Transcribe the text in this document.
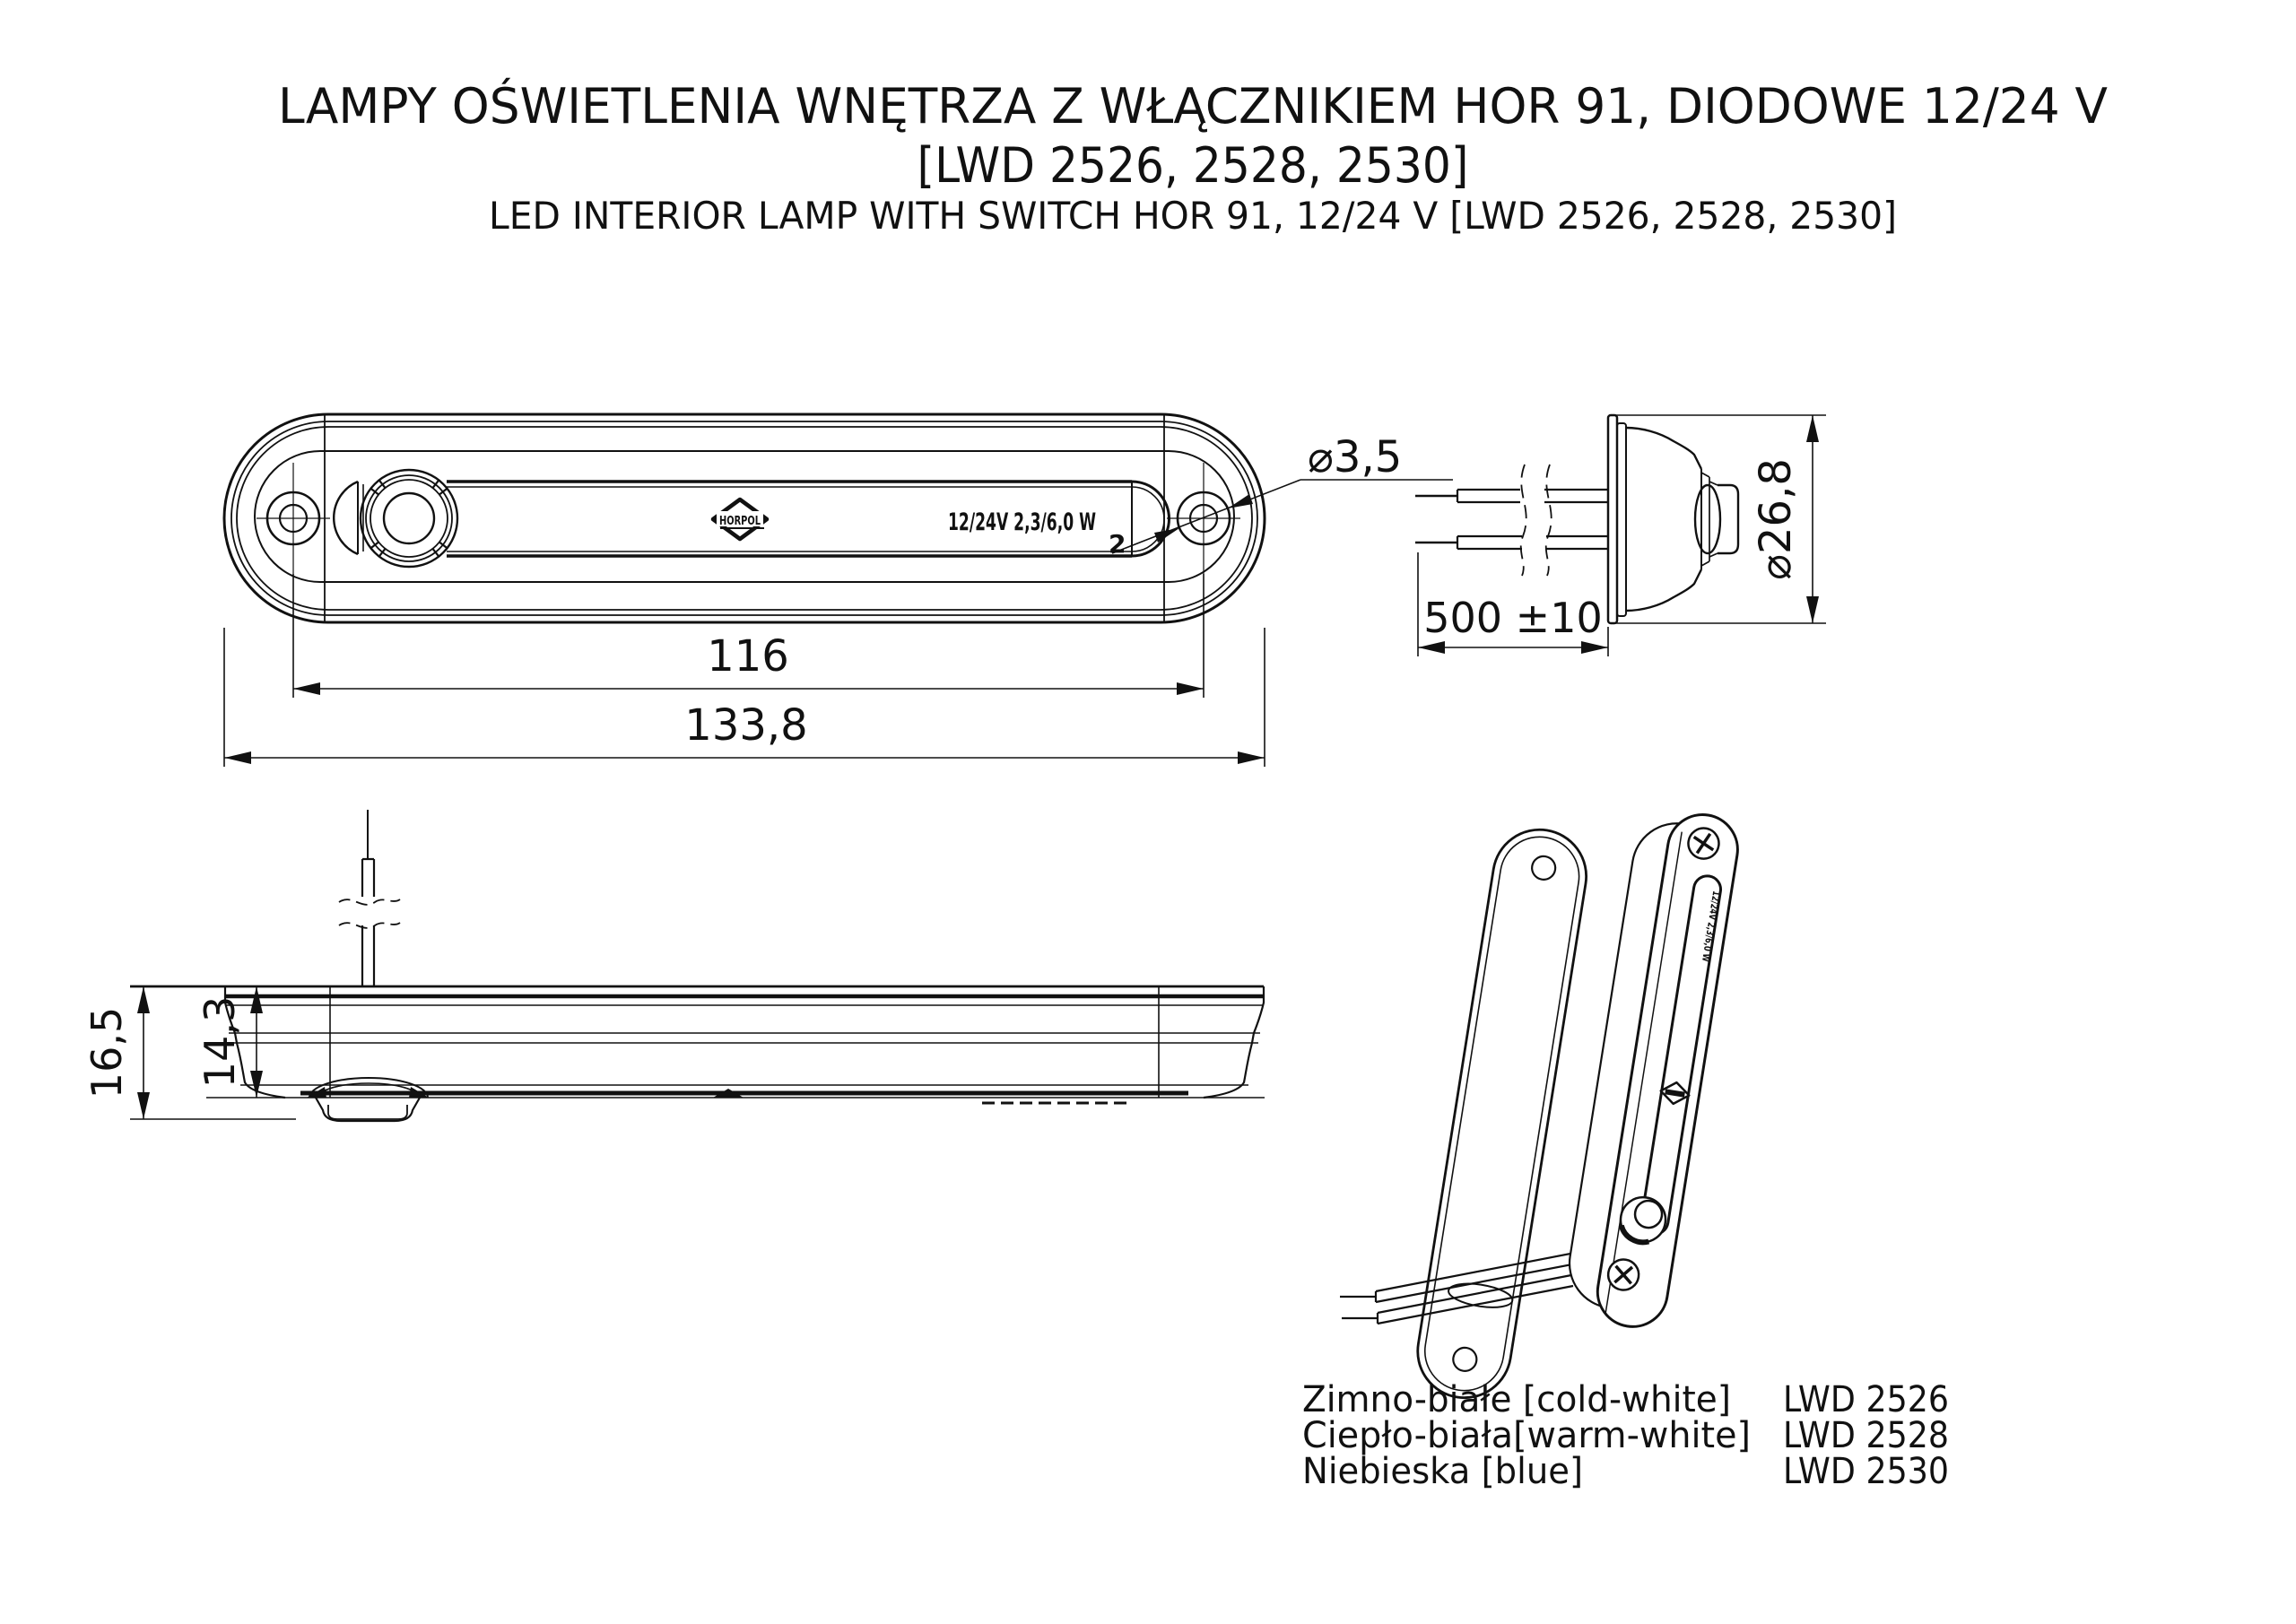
LAMPY OŚWIETLENIA WNĘTRZA Z WŁĄCZNIKIEM HOR 91, DIODOWE 12/24 V
[LWD 2526, 2528, 2530]
LED INTERIOR LAMP WITH SWITCH HOR 91, 12/24 V [LWD 2526, 2528, 2530]
12/24V 2,3/6,0 W
2
HORPOL
116
133,8
⌀3,5
⌀26,8
500 ±10
16,5 14,3
12/24V 2,3/6,0 W
Zimno-białe [cold-white] LWD 2526
Ciepło-biała[warm-white] LWD 2528
Niebieska [blue]	LWD 2530
